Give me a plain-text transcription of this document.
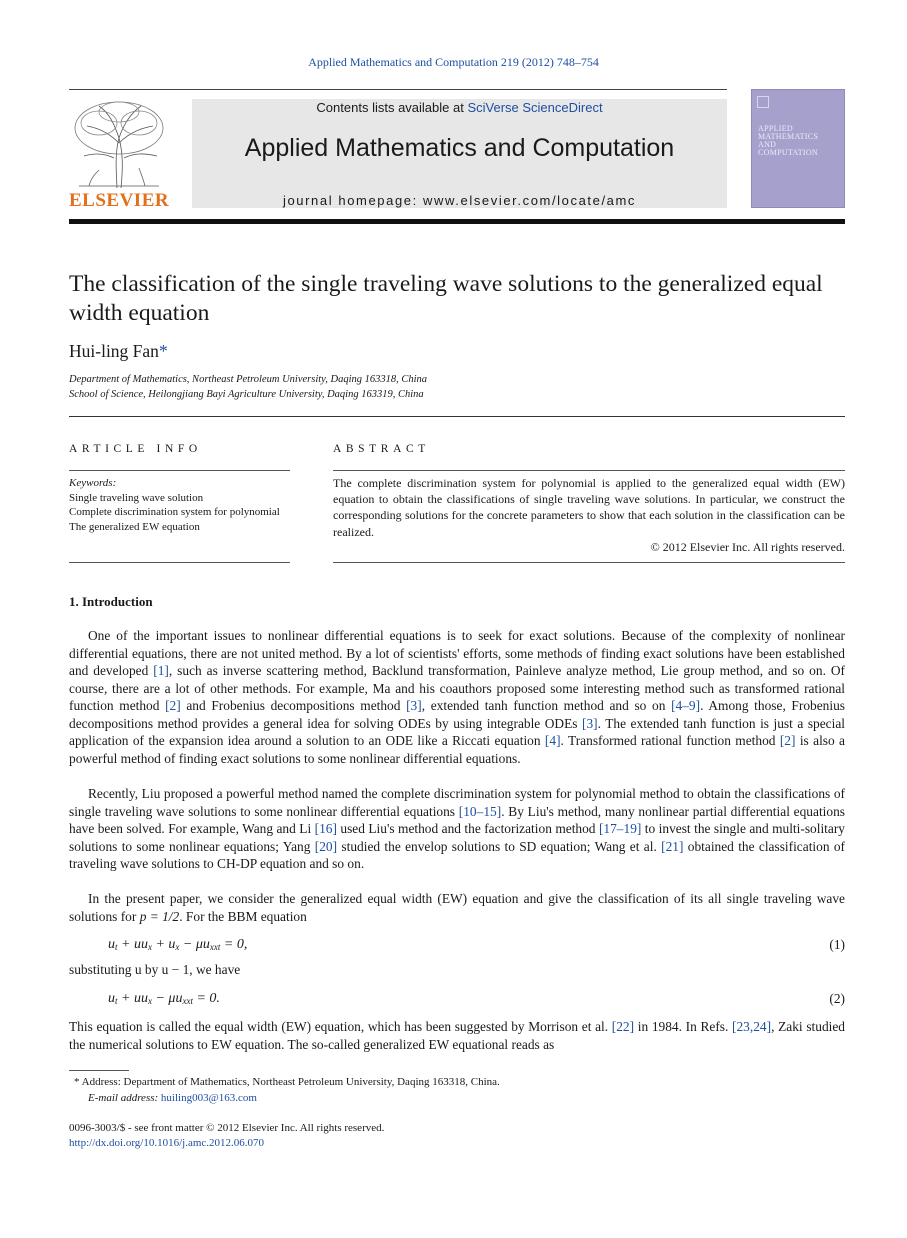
Applied Mathematics and Computation 219 (2012) 748–754
ELSEVIER
Contents lists available at SciVerse ScienceDirect
Applied Mathematics and Computation
journal homepage: www.elsevier.com/locate/amc
APPLIED
MATHEMATICS
AND
COMPUTATION
The classification of the single traveling wave solutions to the generalized equal width equation
Hui-ling Fan*
Department of Mathematics, Northeast Petroleum University, Daqing 163318, China
School of Science, Heilongjiang Bayi Agriculture University, Daqing 163319, China
ARTICLE INFO	ABSTRACT
Keywords:
Single traveling wave solution
Complete discrimination system for polynomial
The generalized EW equation
The complete discrimination system for polynomial is applied to the generalized equal width (EW) equation to obtain the classifications of single traveling wave solutions. In particular, we construct the corresponding solutions for the concrete parameters to show that each solution in the classification can be realized.
© 2012 Elsevier Inc. All rights reserved.
1. Introduction
One of the important issues to nonlinear differential equations is to seek for exact solutions. Because of the complexity of nonlinear differential equations, there are not united method. By a lot of scientists' efforts, some methods of finding exact solutions have been established and developed [1], such as inverse scattering method, Backlund transformation, Painleve analyze method, Lie group method, and so on. Of course, there are a lot of other methods. For example, Ma and his coauthors proposed some interesting method such as transformed rational function method [2] and Frobenius decompositions method [3], extended tanh function method and so on [4–9]. Among those, Frobenius decompositions method provides a general idea for solving ODEs by using integrable ODEs [3]. The extended tanh function is just a special application of the expansion idea around a solution to an ODE like a Riccati equation [4]. Transformed rational function method [2] is also a powerful method of finding exact solutions to some nonlinear differential equations.
Recently, Liu proposed a powerful method named the complete discrimination system for polynomial method to obtain the classifications of single traveling wave solutions to some nonlinear differential equations [10–15]. By Liu's method, many nonlinear partial differential equations have been solved. For example, Wang and Li [16] used Liu's method and the factorization method [17–19] to invest the single and multi-solitary solutions to some nonlinear equations; Yang [20] studied the envelop solutions to SD equation; Wang et al. [21] obtained the classification of traveling wave solutions to CH-DP equation and so on.
In the present paper, we consider the generalized equal width (EW) equation and give the classification of its all single traveling wave solutions for p = 1/2. For the BBM equation
$u_t + uu_x + u_x - \mu u_{xxt} = 0$,	(1)
substituting u by u − 1, we have
$u_t + uu_x - \mu u_{xxt} = 0$.	(2)
This equation is called the equal width (EW) equation, which has been suggested by Morrison et al. [22] in 1984. In Refs. [23,24], Zaki studied the numerical solutions to EW equation. The so-called generalized EW equational reads as
* Address: Department of Mathematics, Northeast Petroleum University, Daqing 163318, China.
E-mail address: huiling003@163.com
0096-3003/$ - see front matter © 2012 Elsevier Inc. All rights reserved.
http://dx.doi.org/10.1016/j.amc.2012.06.070
